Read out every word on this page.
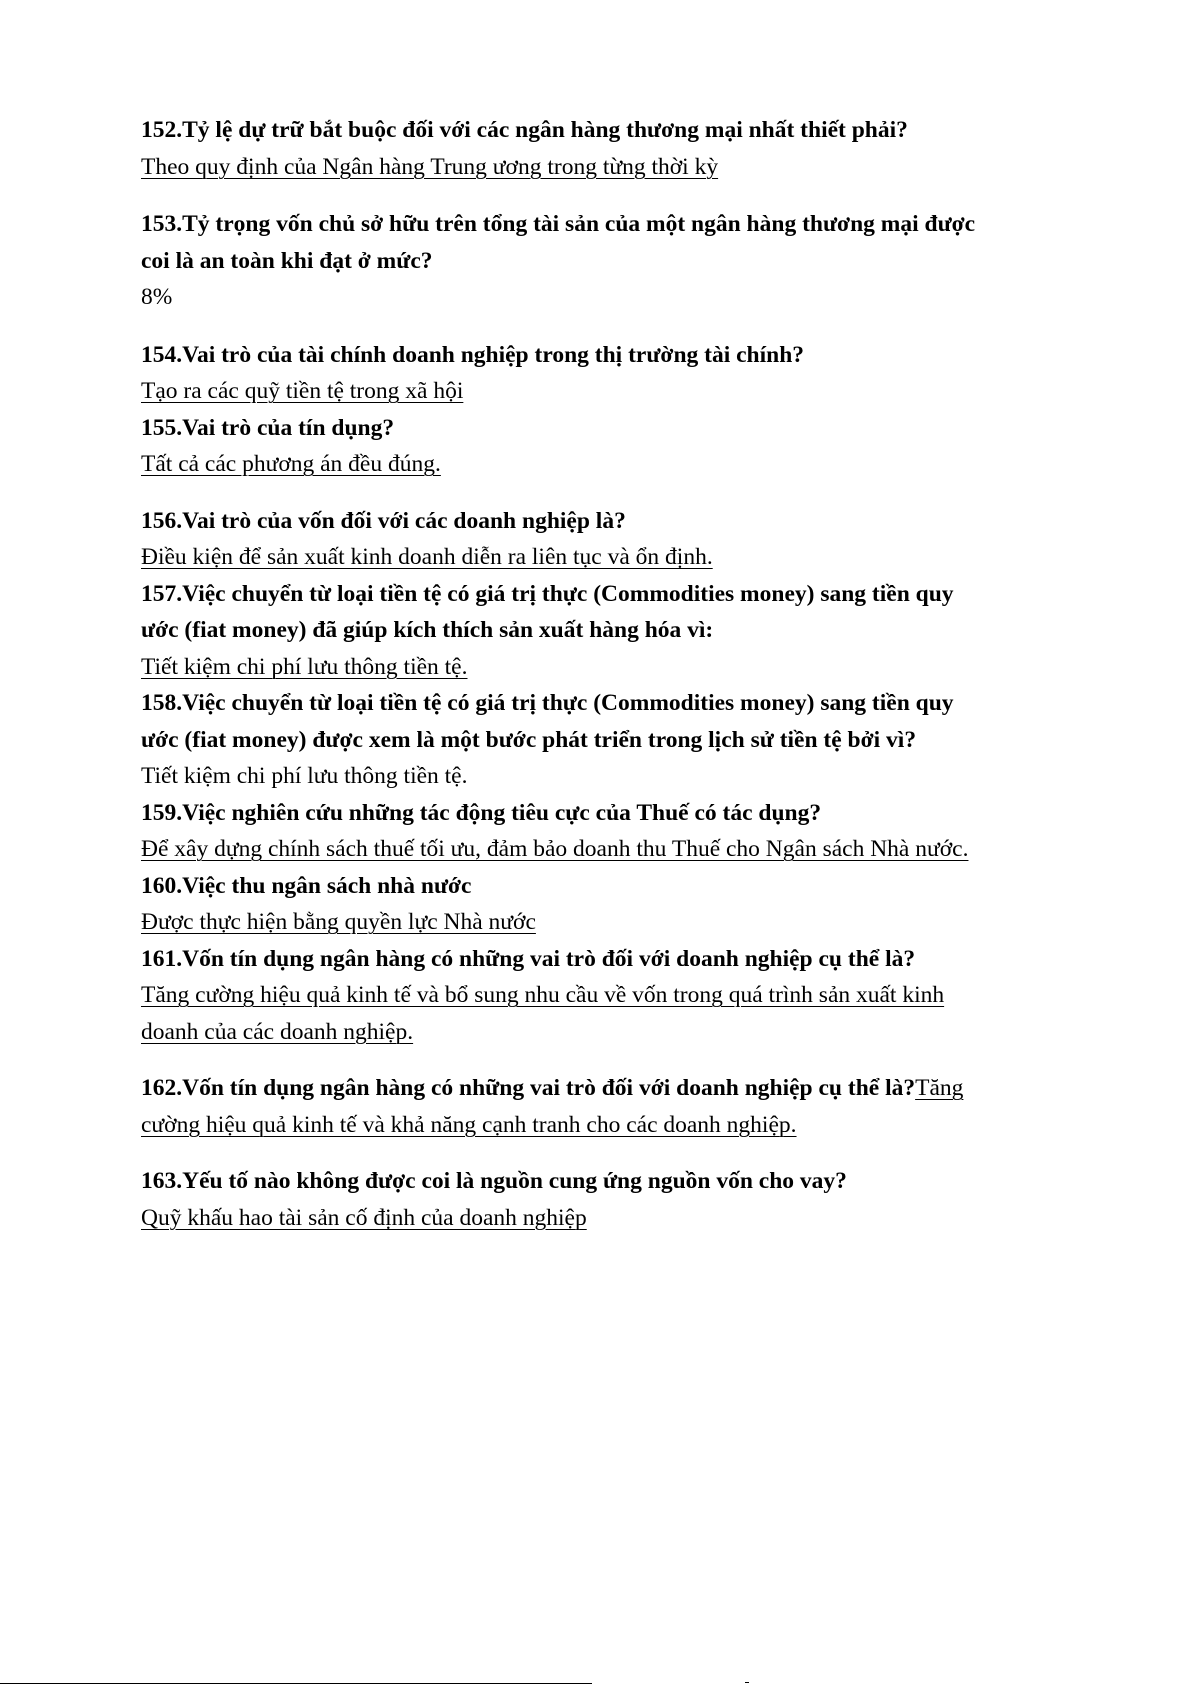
152.Tỷ lệ dự trữ bắt buộc đối với các ngân hàng thương mại nhất thiết phải?

Theo quy định của Ngân hàng Trung ương trong từng thời kỳ

153.Tỷ trọng vốn chủ sở hữu trên tổng tài sản của một ngân hàng thương mại được

coi là an toàn khi đạt ở mức?

8%

154.Vai trò của tài chính doanh nghiệp trong thị trường tài chính?

Tạo ra các quỹ tiền tệ trong xã hội

155.Vai trò của tín dụng?

Tất cả các phương án đều đúng.

156.Vai trò của vốn đối với các doanh nghiệp là?

Điều kiện để sản xuất kinh doanh diễn ra liên tục và ổn định.

157.Việc chuyển từ loại tiền tệ có giá trị thực (Commodities money) sang tiền quy

ước (fiat money) đã giúp kích thích sản xuất hàng hóa vì:

Tiết kiệm chi phí lưu thông tiền tệ.

158.Việc chuyển từ loại tiền tệ có giá trị thực (Commodities money) sang tiền quy

ước (fiat money) được xem là một bước phát triển trong lịch sử tiền tệ bởi vì?

Tiết kiệm chi phí lưu thông tiền tệ.

159.Việc nghiên cứu những tác động tiêu cực của Thuế có tác dụng?

Để xây dựng chính sách thuế tối ưu, đảm bảo doanh thu Thuế cho Ngân sách Nhà nước.

160.Việc thu ngân sách nhà nước

Được thực hiện bằng quyền lực Nhà nước

161.Vốn tín dụng ngân hàng có những vai trò đối với doanh nghiệp cụ thể là?

Tăng cường hiệu quả kinh tế và bổ sung nhu cầu về vốn trong quá trình sản xuất kinh

doanh của các doanh nghiệp.

162.Vốn tín dụng ngân hàng có những vai trò đối với doanh nghiệp cụ thể là?Tăng

cường hiệu quả kinh tế và khả năng cạnh tranh cho các doanh nghiệp.

163.Yếu tố nào không được coi là nguồn cung ứng nguồn vốn cho vay?

Quỹ khấu hao tài sản cố định của doanh nghiệp
